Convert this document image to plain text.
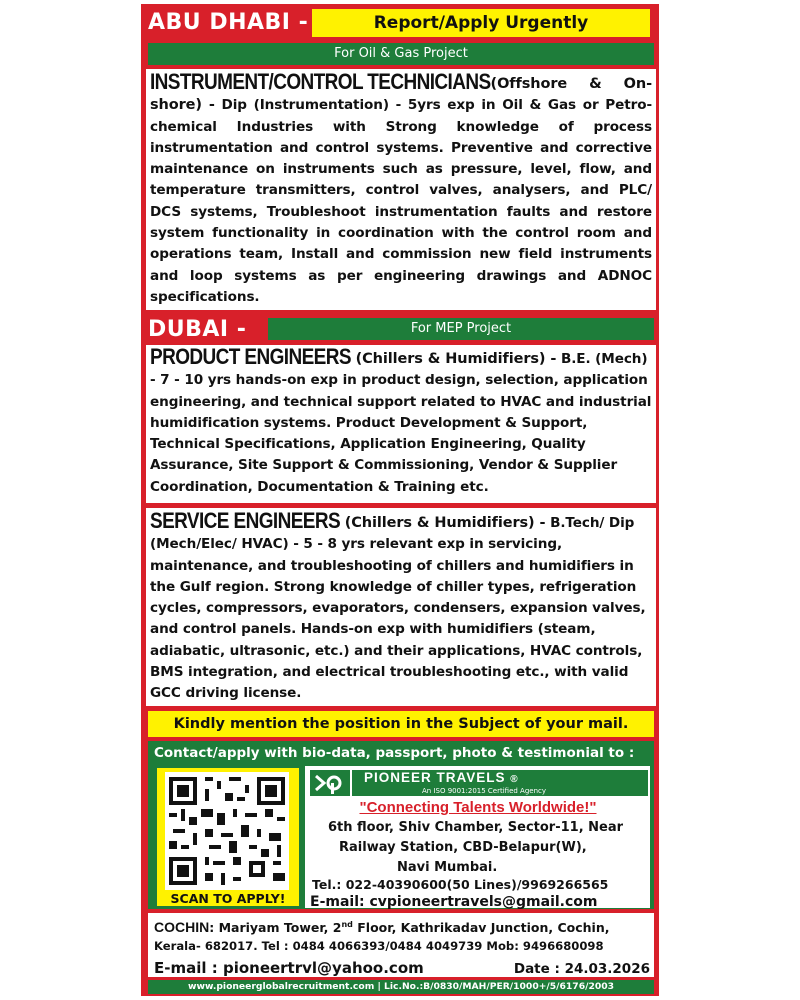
ABU DHABI -	Report/Apply Urgently
For Oil & Gas Project
INSTRUMENT/CONTROL TECHNICIANS(Offshore & On-shore) - Dip (Instrumentation) - 5yrs exp in Oil & Gas or Petro-chemical Industries with Strong knowledge of process instrumentation and control systems. Preventive and corrective maintenance on instruments such as pressure, level, flow, and temperature transmitters, control valves, analysers, and PLC/ DCS systems, Troubleshoot instrumentation faults and restore system functionality in coordination with the control room and operations team, Install and commission new field instruments and loop systems as per engineering drawings and ADNOC specifications.
DUBAI -	For MEP Project
PRODUCT ENGINEERS (Chillers & Humidifiers) - B.E. (Mech) - 7 - 10 yrs hands-on exp in product design, selection, application engineering, and technical support related to HVAC and industrial humidification systems. Product Development & Support, Technical Specifications, Application Engineering, Quality Assurance, Site Support & Commissioning, Vendor & Supplier Coordination, Documentation & Training etc.
SERVICE ENGINEERS (Chillers & Humidifiers) - B.Tech/ Dip (Mech/Elec/ HVAC) - 5 - 8 yrs relevant exp in servicing, maintenance, and troubleshooting of chillers and humidifiers in the Gulf region. Strong knowledge of chiller types, refrigeration cycles, compressors, evaporators, condensers, expansion valves, and control panels. Hands-on exp with humidifiers (steam, adiabatic, ultrasonic, etc.) and their applications, HVAC controls, BMS integration, and electrical troubleshooting etc., with valid GCC driving license.
Kindly mention the position in the Subject of your mail.
Contact/apply with bio-data, passport, photo & testimonial to :
SCAN TO APPLY!
PIONEER TRAVELS ®
An ISO 9001:2015 Certified Agency
"Connecting Talents Worldwide!"
6th floor, Shiv Chamber, Sector-11, Near
Railway Station, CBD-Belapur(W),
Navi Mumbai.
Tel.: 022-40390600(50 Lines)/9969266565
E-mail: cvpioneertravels@gmail.com
COCHIN: Mariyam Tower, 2nd Floor, Kathrikadav Junction, Cochin,
Kerala- 682017. Tel : 0484 4066393/0484 4049739 Mob: 9496680098
E-mail : pioneertrvl@yahoo.com	Date : 24.03.2026
www.pioneerglobalrecruitment.com | Lic.No.:B/0830/MAH/PER/1000+/5/6176/2003
